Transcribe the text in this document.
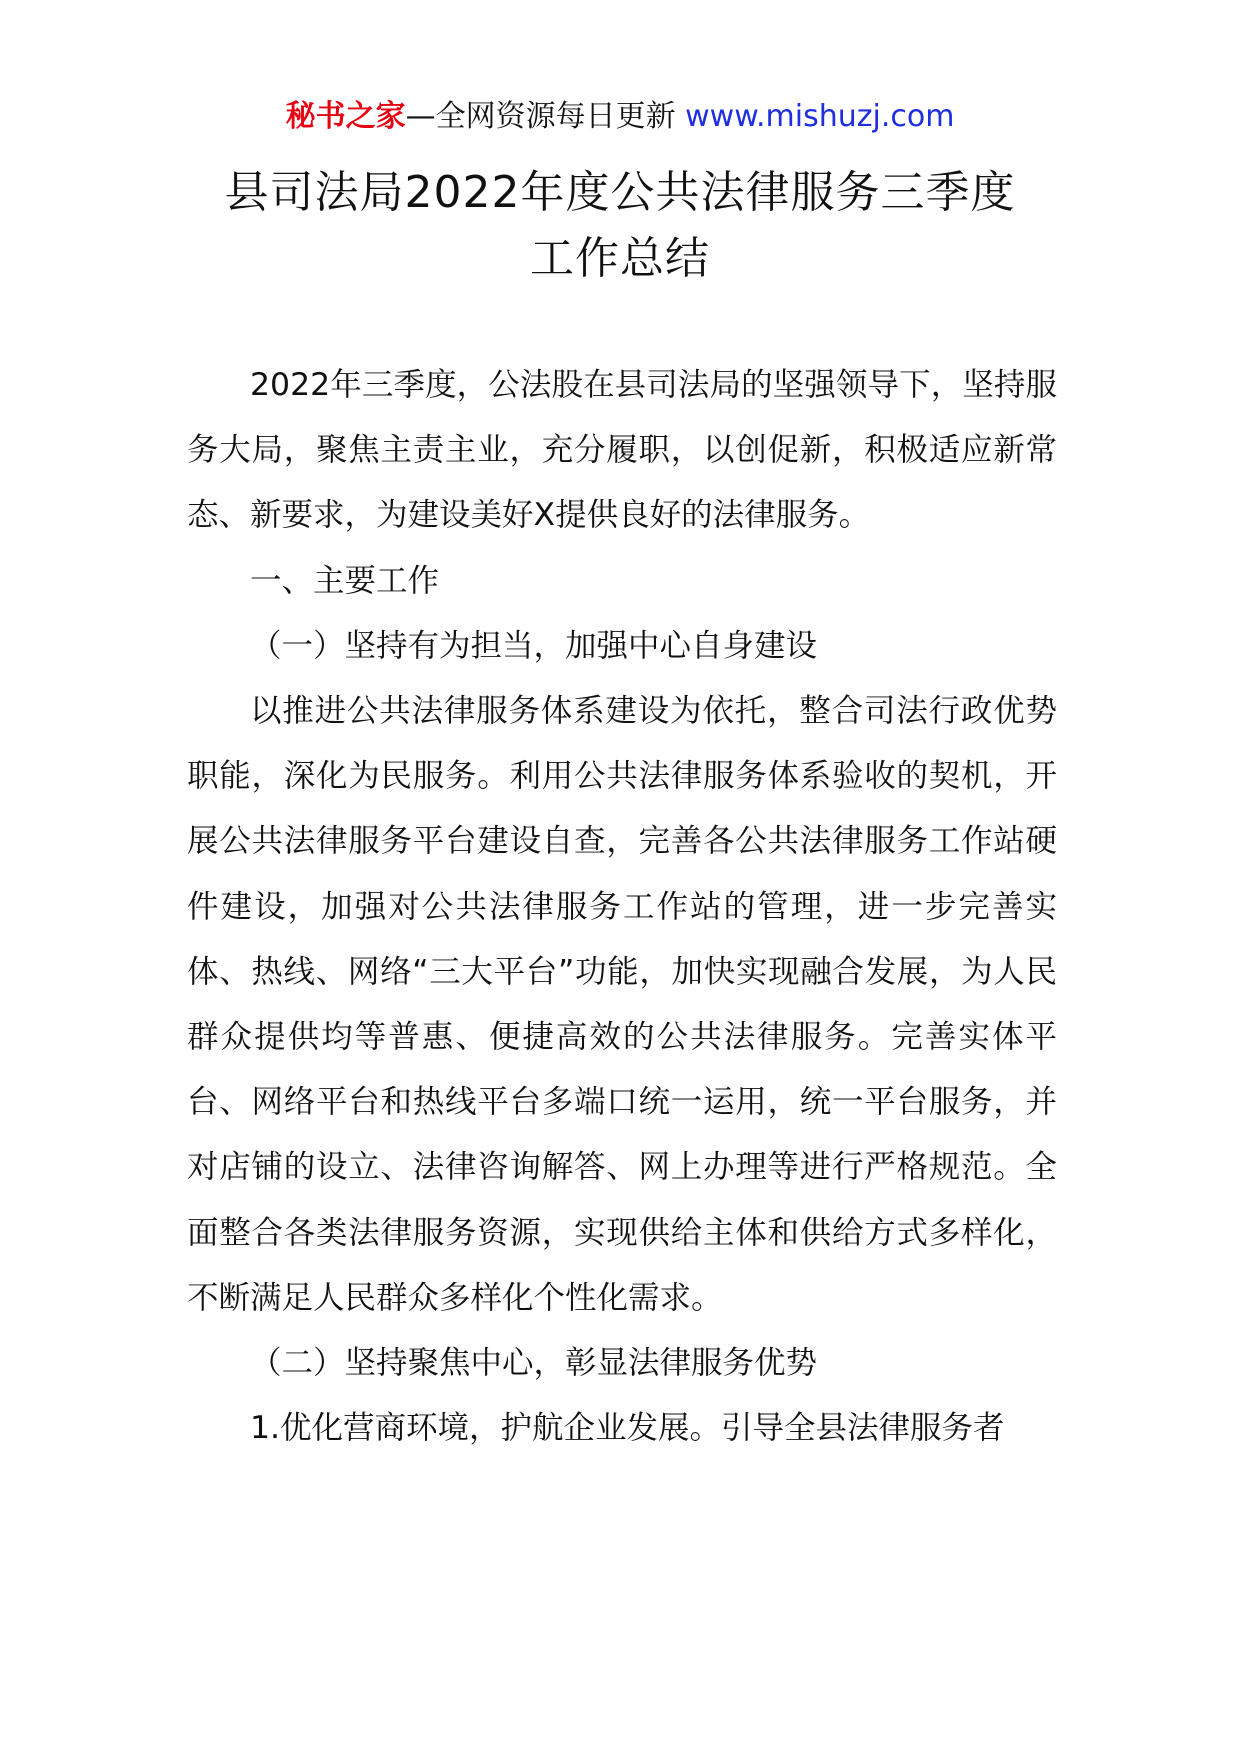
秘书之家—全网资源每日更新 www.mishuzj.com
县司法局2022年度公共法律服务三季度
工作总结

2022年三季度，公法股在县司法局的坚强领导下，坚持服务大局，聚焦主责主业，充分履职，以创促新，积极适应新常态、新要求，为建设美好X提供良好的法律服务。

一、主要工作

（一）坚持有为担当，加强中心自身建设

以推进公共法律服务体系建设为依托，整合司法行政优势职能，深化为民服务。利用公共法律服务体系验收的契机，开展公共法律服务平台建设自查，完善各公共法律服务工作站硬件建设，加强对公共法律服务工作站的管理，进一步完善实体、热线、网络“三大平台”功能，加快实现融合发展，为人民群众提供均等普惠、便捷高效的公共法律服务。完善实体平台、网络平台和热线平台多端口统一运用，统一平台服务，并对店铺的设立、法律咨询解答、网上办理等进行严格规范。全面整合各类法律服务资源，实现供给主体和供给方式多样化，不断满足人民群众多样化个性化需求。

（二）坚持聚焦中心，彰显法律服务优势

1.优化营商环境，护航企业发展。引导全县法律服务者
